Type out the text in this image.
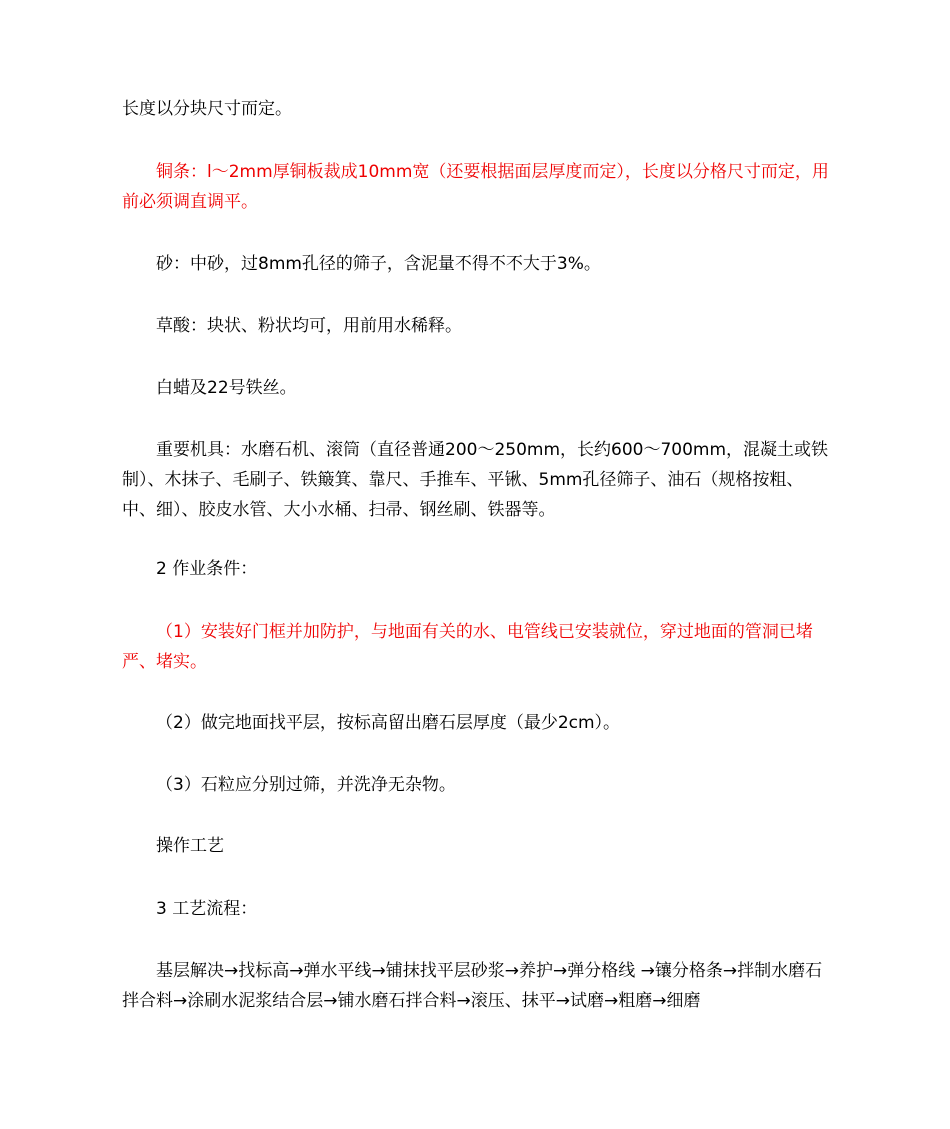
长度以分块尺寸而定。

铜条：l～2mm厚铜板裁成10mm宽（还要根据面层厚度而定），长度以分格尺寸而定，用前必须调直调平。

砂：中砂，过8mm孔径的筛子，含泥量不得不不大于3%。

草酸：块状、粉状均可，用前用水稀释。

白蜡及22号铁丝。

重要机具：水磨石机、滚筒（直径普通200～250mm，长约600～700mm，混凝土或铁制）、木抹子、毛刷子、铁簸箕、靠尺、手推车、平锹、5mm孔径筛子、油石（规格按粗、中、细）、胶皮水管、大小水桶、扫帚、钢丝刷、铁器等。

2 作业条件：

（1）安装好门框并加防护，与地面有关的水、电管线已安装就位，穿过地面的管洞已堵严、堵实。

（2）做完地面找平层，按标高留出磨石层厚度（最少2cm）。

（3）石粒应分别过筛，并洗净无杂物。

操作工艺

3 工艺流程：

基层解决→找标高→弹水平线→铺抹找平层砂浆→养护→弹分格线 →镶分格条→拌制水磨石拌合料→涂刷水泥浆结合层→铺水磨石拌合料→滚压、抹平→试磨→粗磨→细磨
